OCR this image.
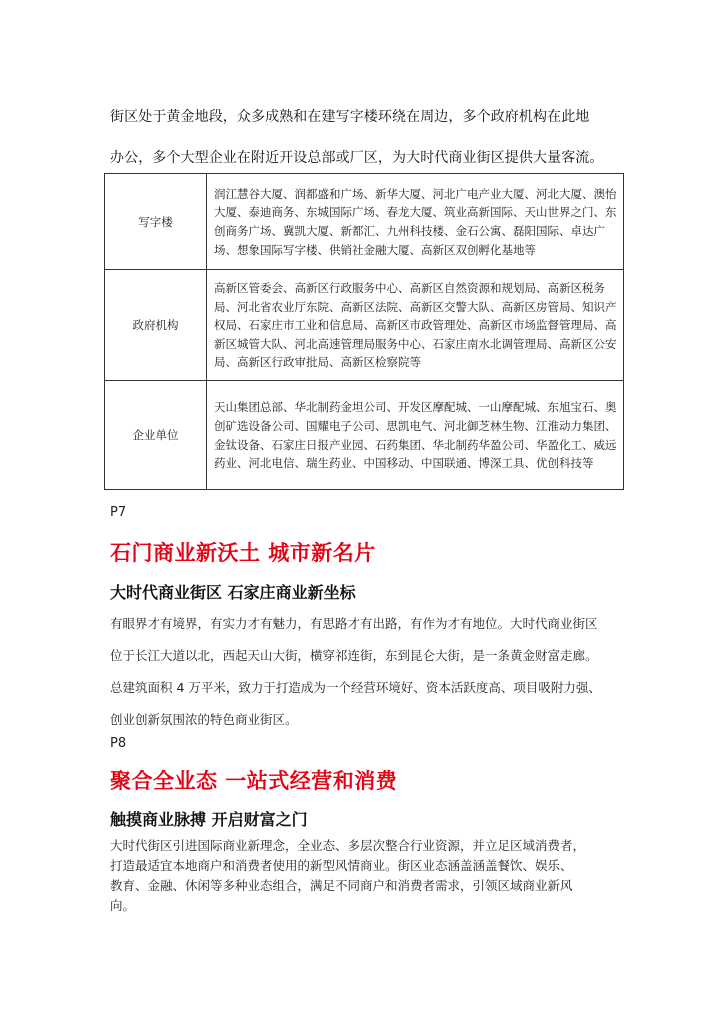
街区处于黄金地段，众多成熟和在建写字楼环绕在周边，多个政府机构在此地
办公，多个大型企业在附近开设总部或厂区，为大时代商业街区提供大量客流。
写字楼	润江慧谷大厦、润都盛和广场、新华大厦、河北广电产业大厦、河北大厦、澳怡大厦、泰迪商务、东城国际广场、春龙大厦、筑业高新国际、天山世界之门、东创商务广场、冀凯大厦、新都汇、九州科技楼、金石公寓、磊阳国际、卓达广场、想象国际写字楼、供销社金融大厦、高新区双创孵化基地等
政府机构	高新区管委会、高新区行政服务中心、高新区自然资源和规划局、高新区税务局、河北省农业厅东院、高新区法院、高新区交警大队、高新区房管局、知识产权局、石家庄市工业和信息局、高新区市政管理处、高新区市场监督管理局、高新区城管大队、河北高速管理局服务中心、石家庄南水北调管理局、高新区公安局、高新区行政审批局、高新区检察院等
企业单位	天山集团总部、华北制药金坦公司、开发区摩配城、一山摩配城、东旭宝石、奥创矿选设备公司、国耀电子公司、思凯电气、河北御芝林生物、江淮动力集团、金钛设备、石家庄日报产业园、石药集团、华北制药华盈公司、华盈化工、威远药业、河北电信、瑞生药业、中国移动、中国联通、博深工具、优创科技等
P7
石门商业新沃土 城市新名片
大时代商业街区 石家庄商业新坐标
有眼界才有境界，有实力才有魅力，有思路才有出路，有作为才有地位。大时代商业街区
位于长江大道以北，西起天山大街，横穿祁连街，东到昆仑大街，是一条黄金财富走廊。
总建筑面积 4 万平米，致力于打造成为一个经营环境好、资本活跃度高、项目吸附力强、
创业创新氛围浓的特色商业街区。
P8
聚合全业态 一站式经营和消费
触摸商业脉搏 开启财富之门
大时代街区引进国际商业新理念，全业态、多层次整合行业资源，并立足区域消费者，
打造最适宜本地商户和消费者使用的新型风情商业。街区业态涵盖涵盖餐饮、娱乐、
教育、金融、休闲等多种业态组合，满足不同商户和消费者需求，引领区域商业新风
向。
